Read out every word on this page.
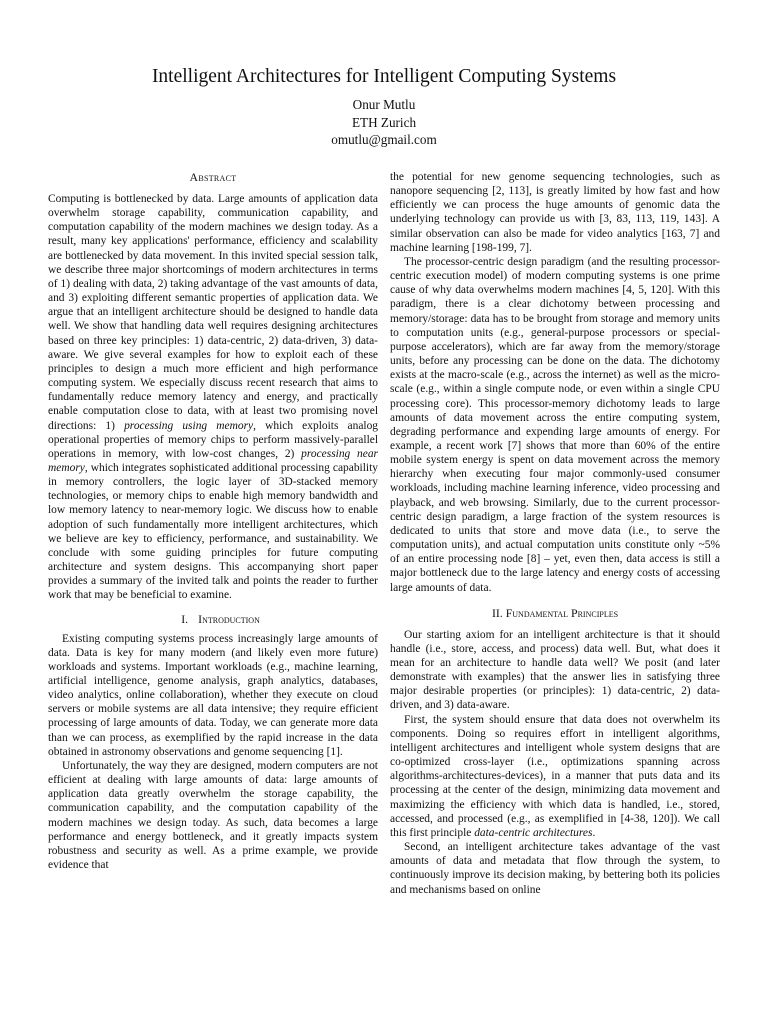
Intelligent Architectures for Intelligent Computing Systems
Onur Mutlu
ETH Zurich
omutlu@gmail.com
Abstract

Computing is bottlenecked by data. Large amounts of application data overwhelm storage capability, communication capability, and computation capability of the modern machines we design today. As a result, many key applications' performance, efficiency and scalability are bottlenecked by data movement. In this invited special session talk, we describe three major shortcomings of modern architectures in terms of 1) dealing with data, 2) taking advantage of the vast amounts of data, and 3) exploiting different semantic properties of application data. We argue that an intelligent architecture should be designed to handle data well. We show that handling data well requires designing architectures based on three key principles: 1) data-centric, 2) data-driven, 3) data-aware. We give several examples for how to exploit each of these principles to design a much more efficient and high performance computing system. We especially discuss recent research that aims to fundamentally reduce memory latency and energy, and practically enable computation close to data, with at least two promising novel directions: 1) processing using memory, which exploits analog operational properties of memory chips to perform massively-parallel operations in memory, with low-cost changes, 2) processing near memory, which integrates sophisticated additional processing capability in memory controllers, the logic layer of 3D-stacked memory technologies, or memory chips to enable high memory bandwidth and low memory latency to near-memory logic. We discuss how to enable adoption of such fundamentally more intelligent architectures, which we believe are key to efficiency, performance, and sustainability. We conclude with some guiding principles for future computing architecture and system designs. This accompanying short paper provides a summary of the invited talk and points the reader to further work that may be beneficial to examine.

I. Introduction

Existing computing systems process increasingly large amounts of data. Data is key for many modern (and likely even more future) workloads and systems. Important workloads (e.g., machine learning, artificial intelligence, genome analysis, graph analytics, databases, video analytics, online collaboration), whether they execute on cloud servers or mobile systems are all data intensive; they require efficient processing of large amounts of data. Today, we can generate more data than we can process, as exemplified by the rapid increase in the data obtained in astronomy observations and genome sequencing [1].

Unfortunately, the way they are designed, modern computers are not efficient at dealing with large amounts of data: large amounts of application data greatly overwhelm the storage capability, the communication capability, and the computation capability of the modern machines we design today. As such, data becomes a large performance and energy bottleneck, and it greatly impacts system robustness and security as well. As a prime example, we provide evidence that

the potential for new genome sequencing technologies, such as nanopore sequencing [2, 113], is greatly limited by how fast and how efficiently we can process the huge amounts of genomic data the underlying technology can provide us with [3, 83, 113, 119, 143]. A similar observation can also be made for video analytics [163, 7] and machine learning [198-199, 7].

The processor-centric design paradigm (and the resulting processor-centric execution model) of modern computing systems is one prime cause of why data overwhelms modern machines [4, 5, 120]. With this paradigm, there is a clear dichotomy between processing and memory/storage: data has to be brought from storage and memory units to computation units (e.g., general-purpose processors or special-purpose accelerators), which are far away from the memory/storage units, before any processing can be done on the data. The dichotomy exists at the macro-scale (e.g., across the internet) as well as the micro-scale (e.g., within a single compute node, or even within a single CPU processing core). This processor-memory dichotomy leads to large amounts of data movement across the entire computing system, degrading performance and expending large amounts of energy. For example, a recent work [7] shows that more than 60% of the entire mobile system energy is spent on data movement across the memory hierarchy when executing four major commonly-used consumer workloads, including machine learning inference, video processing and playback, and web browsing. Similarly, due to the current processor-centric design paradigm, a large fraction of the system resources is dedicated to units that store and move data (i.e., to serve the computation units), and actual computation units constitute only ~5% of an entire processing node [8] – yet, even then, data access is still a major bottleneck due to the large latency and energy costs of accessing large amounts of data.

II. Fundamental Principles

Our starting axiom for an intelligent architecture is that it should handle (i.e., store, access, and process) data well. But, what does it mean for an architecture to handle data well? We posit (and later demonstrate with examples) that the answer lies in satisfying three major desirable properties (or principles): 1) data-centric, 2) data-driven, and 3) data-aware.

First, the system should ensure that data does not overwhelm its components. Doing so requires effort in intelligent algorithms, intelligent architectures and intelligent whole system designs that are co-optimized cross-layer (i.e., optimizations spanning across algorithms-architectures-devices), in a manner that puts data and its processing at the center of the design, minimizing data movement and maximizing the efficiency with which data is handled, i.e., stored, accessed, and processed (e.g., as exemplified in [4-38, 120]). We call this first principle data-centric architectures.

Second, an intelligent architecture takes advantage of the vast amounts of data and metadata that flow through the system, to continuously improve its decision making, by bettering both its policies and mechanisms based on online
